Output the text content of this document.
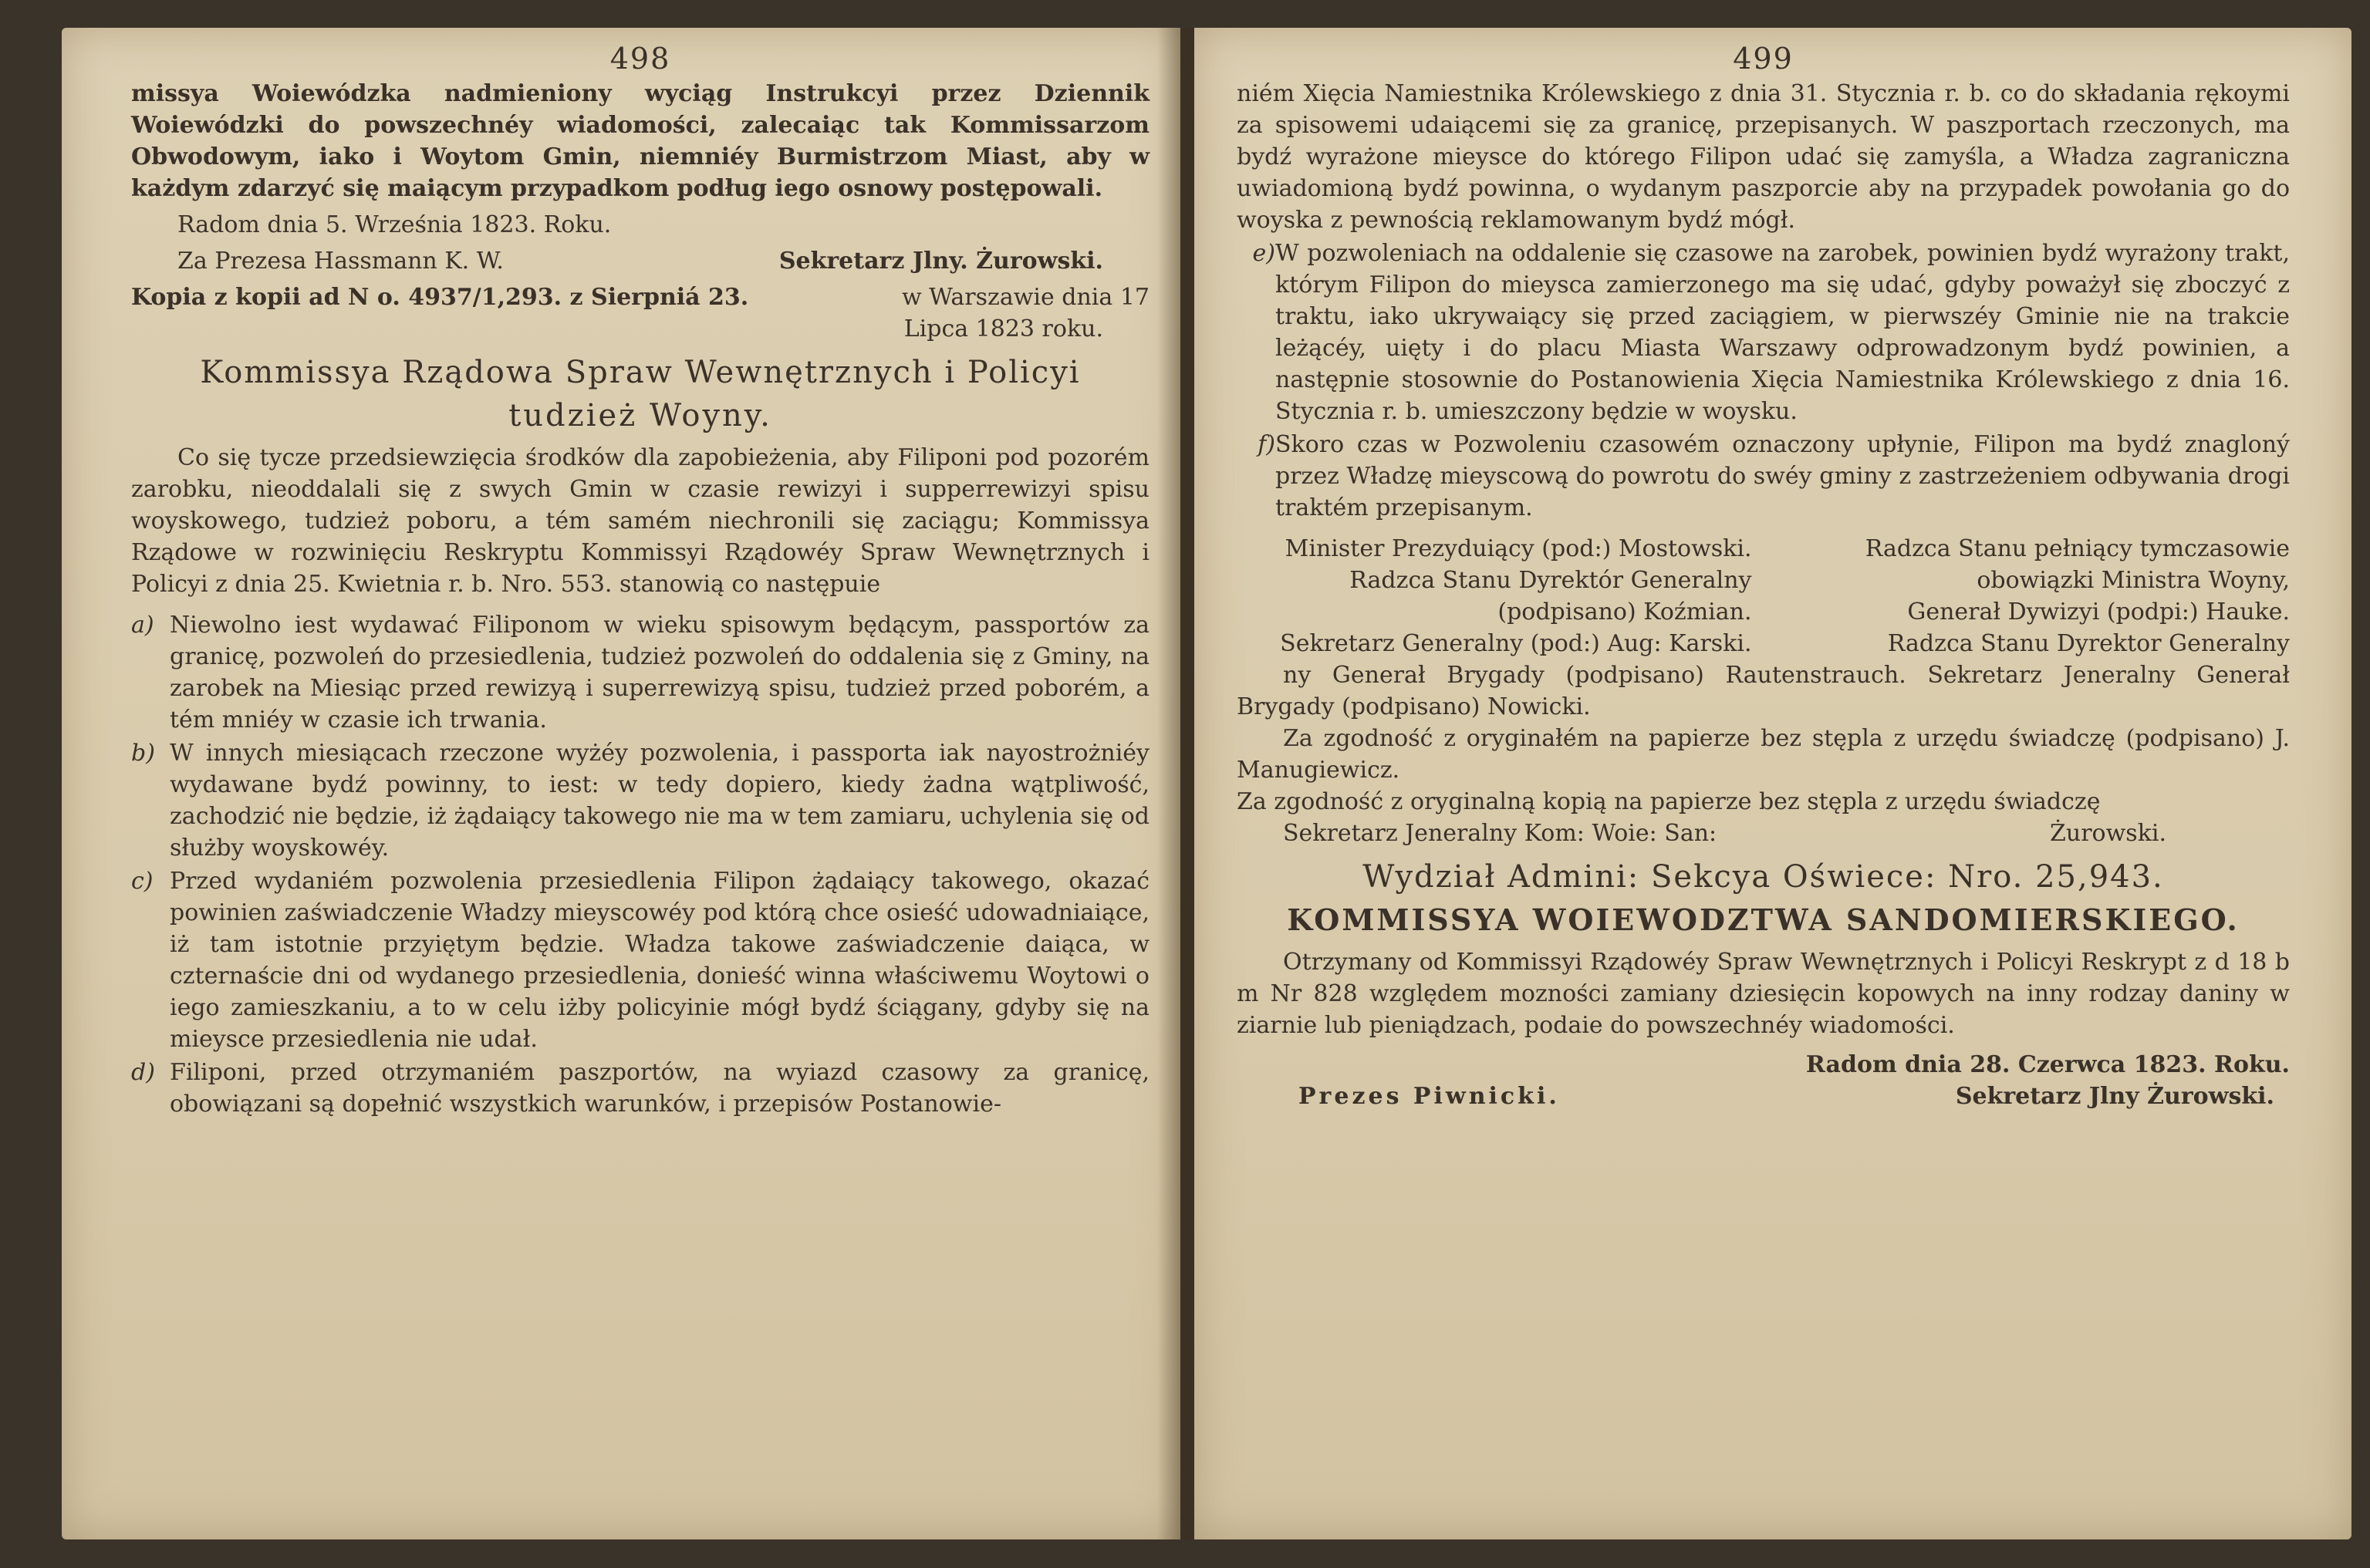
498

missya Woiewódzka nadmieniony wyciąg Instrukcyi przez Dziennik Woiewódzki do powszechnéy wiadomości, zalecaiąc tak Kommissarzom Obwodowym, iako i Woytom Gmin, niemniéy Burmistrzom Miast, aby w każdym zdarzyć się maiącym przypadkom podług iego osnowy postępowali.

Radom dnia 5. Września 1823. Roku.

Za Prezesa Hassmann K. W.	Sekretarz Jlny. Żurowski.
Kopia z kopii ad N o. 4937/1,293. z Sierpniá 23.	w Warszawie dnia 17
Lipca 1823 roku.
Kommissya Rządowa Spraw Wewnętrznych i Policyi
tudzież Woyny.

Co się tycze przedsiewzięcia środków dla zapobieżenia, aby Filiponi pod pozorém zarobku, nieoddalali się z swych Gmin w czasie rewizyi i supperrewizyi spisu woyskowego, tudzież poboru, a tém samém niechronili się zaciągu; Kommissya Rządowe w rozwinięciu Reskryptu Kommissyi Rządowéy Spraw Wewnętrznych i Policyi z dnia 25. Kwietnia r. b. Nro. 553. stanowią co następuie

a) Niewolno iest wydawać Filiponom w wieku spisowym będącym, passportów za granicę, pozwoleń do przesiedlenia, tudzież pozwoleń do oddalenia się z Gminy, na zarobek na Miesiąc przed rewizyą i superrewizyą spisu, tudzież przed poborém, a tém mniéy w czasie ich trwania.
b) W innych miesiącach rzeczone wyżéy pozwolenia, i passporta iak nayostrożniéy wydawane bydź powinny, to iest: w tedy dopiero, kiedy żadna wątpliwość, zachodzić nie będzie, iż żądaiący takowego nie ma w tem zamiaru, uchylenia się od służby woyskowéy.
c) Przed wydaniém pozwolenia przesiedlenia Filipon żądaiący takowego, okazać powinien zaświadczenie Władzy mieyscowéy pod którą chce osieść udowadniaiące, iż tam istotnie przyiętym będzie. Władza takowe zaświadczenie daiąca, w czternaście dni od wydanego przesiedlenia, donieść winna właściwemu Woytowi o iego zamieszkaniu, a to w celu iżby policyinie mógł bydź ściągany, gdyby się na mieysce przesiedlenia nie udał.
d) Filiponi, przed otrzymaniém paszportów, na wyiazd czasowy za granicę, obowiązani są dopełnić wszystkich warunków, i przepisów Postanowie-
499

niém Xięcia Namiestnika Królewskiego z dnia 31. Stycznia r. b. co do składania rękoymi za spisowemi udaiącemi się za granicę, przepisanych. W paszportach rzeczonych, ma bydź wyrażone mieysce do którego Filipon udać się zamyśla, a Władza zagraniczna uwiadomioną bydź powinna, o wydanym paszporcie aby na przypadek powołania go do woyska z pewnością reklamowanym bydź mógł.

e) W pozwoleniach na oddalenie się czasowe na zarobek, powinien bydź wyrażony trakt, którym Filipon do mieysca zamierzonego ma się udać, gdyby poważył się zboczyć z traktu, iako ukrywaiący się przed zaciągiem, w pierwszéy Gminie nie na trakcie leżącéy, uięty i do placu Miasta Warszawy odprowadzonym bydź powinien, a następnie stosownie do Postanowienia Xięcia Namiestnika Królewskiego z dnia 16. Stycznia r. b. umieszczony będzie w woysku.
f) Skoro czas w Pozwoleniu czasowém oznaczony upłynie, Filipon ma bydź znagloný przez Władzę mieyscową do powrotu do swéy gminy z zastrzeżeniem odbywania drogi traktém przepisanym.
Minister Prezyduiący (pod:) Mostowski.
Radzca Stanu Dyrektór Generalny
(podpisano) Koźmian.
Sekretarz Generalny (pod:) Aug: Karski.
Radzca Stanu pełniący tymczasowie obowiązki Ministra Woyny,
Generał Dywizyi (podpi:) Hauke.
Radzca Stanu Dyrektor Generalny

ny Generał Brygady (podpisano) Rautenstrauch. Sekretarz Jeneralny Generał Brygady (podpisano) Nowicki.

Za zgodność z oryginałém na papierze bez stępla z urzędu świadczę (podpisano) J. Manugiewicz.

Za zgodność z oryginalną kopią na papierze bez stępla z urzędu świadczę

Sekretarz Jeneralny Kom: Woie: San:	Żurowski.
Wydział Admini: Sekcya Oświece: Nro. 25,943.
KOMMISSYA WOIEWODZTWA SANDOMIERSKIEGO.

Otrzymany od Kommissyi Rządowéy Spraw Wewnętrznych i Policyi Reskrypt z d 18 b m Nr 828 względem mozności zamiany dziesięcin kopowych na inny rodzay daniny w ziarnie lub pieniądzach, podaie do powszechnéy wiadomości.

Radom dnia 28. Czerwca 1823. Roku.
Prezes Piwnicki.	Sekretarz Jlny Żurowski.
